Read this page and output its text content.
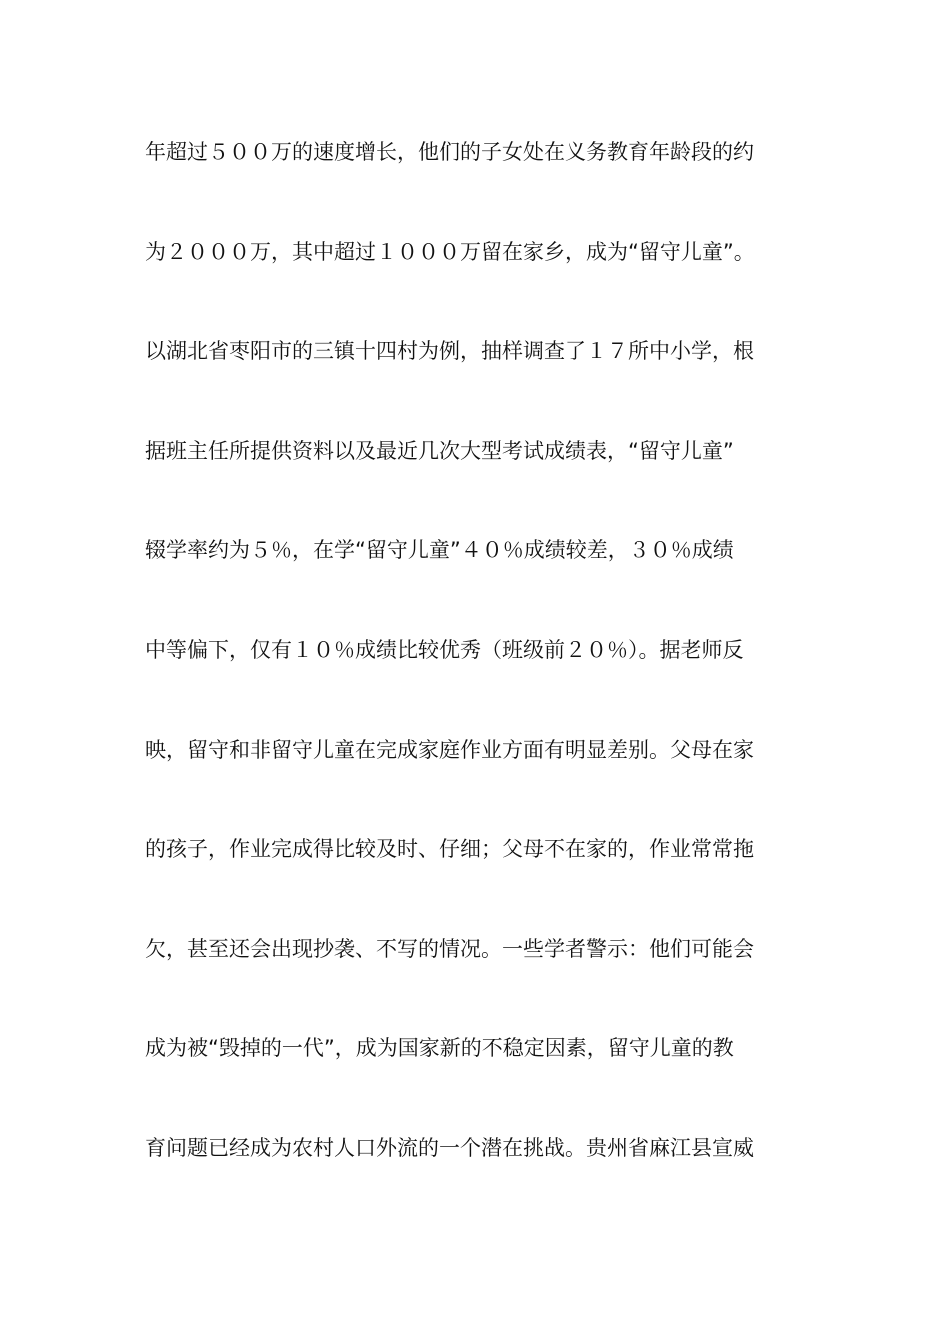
年超过５００万的速度增长，他们的子女处在义务教育年龄段的约
为２０００万，其中超过１０００万留在家乡，成为“留守儿童”。
以湖北省枣阳市的三镇十四村为例，抽样调查了１７所中小学，根
据班主任所提供资料以及最近几次大型考试成绩表，“留守儿童”
辍学率约为５％，在学“留守儿童”４０％成绩较差，３０％成绩
中等偏下，仅有１０％成绩比较优秀（班级前２０％）。据老师反
映，留守和非留守儿童在完成家庭作业方面有明显差别。父母在家
的孩子，作业完成得比较及时、仔细；父母不在家的，作业常常拖
欠，甚至还会出现抄袭、不写的情况。一些学者警示：他们可能会
成为被“毁掉的一代”，成为国家新的不稳定因素，留守儿童的教
育问题已经成为农村人口外流的一个潜在挑战。贵州省麻江县宣威
